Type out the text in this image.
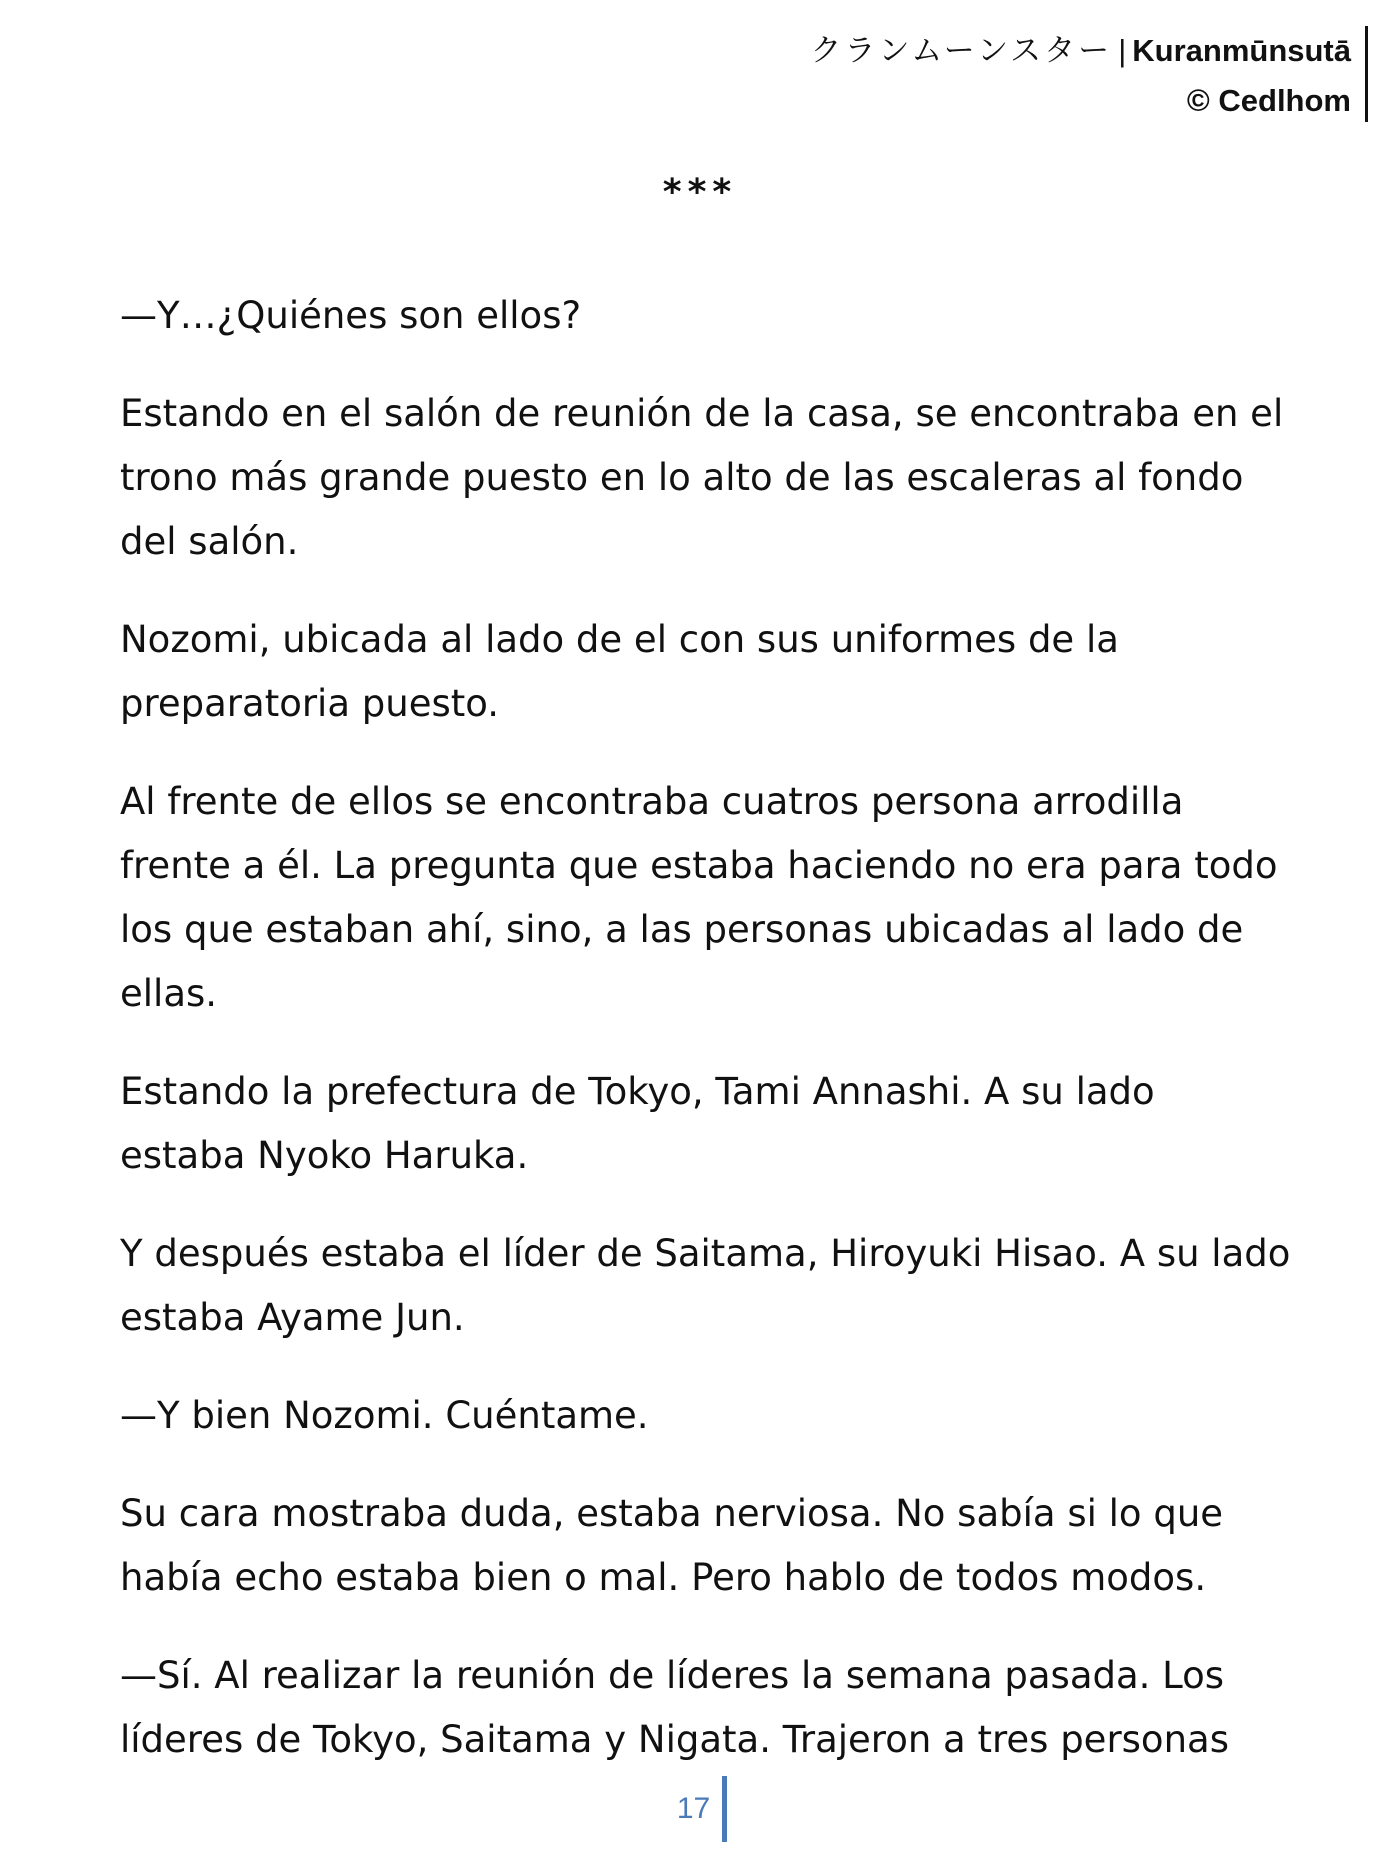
クランムーンスター | Kuranmūnsutā
© Cedlhom
***

—Y…¿Quiénes son ellos?

Estando en el salón de reunión de la casa, se encontraba en el
trono más grande puesto en lo alto de las escaleras al fondo
del salón.

Nozomi, ubicada al lado de el con sus uniformes de la
preparatoria puesto.

Al frente de ellos se encontraba cuatros persona arrodilla
frente a él. La pregunta que estaba haciendo no era para todo
los que estaban ahí, sino, a las personas ubicadas al lado de
ellas.

Estando la prefectura de Tokyo, Tami Annashi. A su lado
estaba Nyoko Haruka.

Y después estaba el líder de Saitama, Hiroyuki Hisao. A su lado
estaba Ayame Jun.

—Y bien Nozomi. Cuéntame.

Su cara mostraba duda, estaba nerviosa. No sabía si lo que
había echo estaba bien o mal. Pero hablo de todos modos.

—Sí. Al realizar la reunión de líderes la semana pasada. Los
líderes de Tokyo, Saitama y Nigata. Trajeron a tres personas

17
